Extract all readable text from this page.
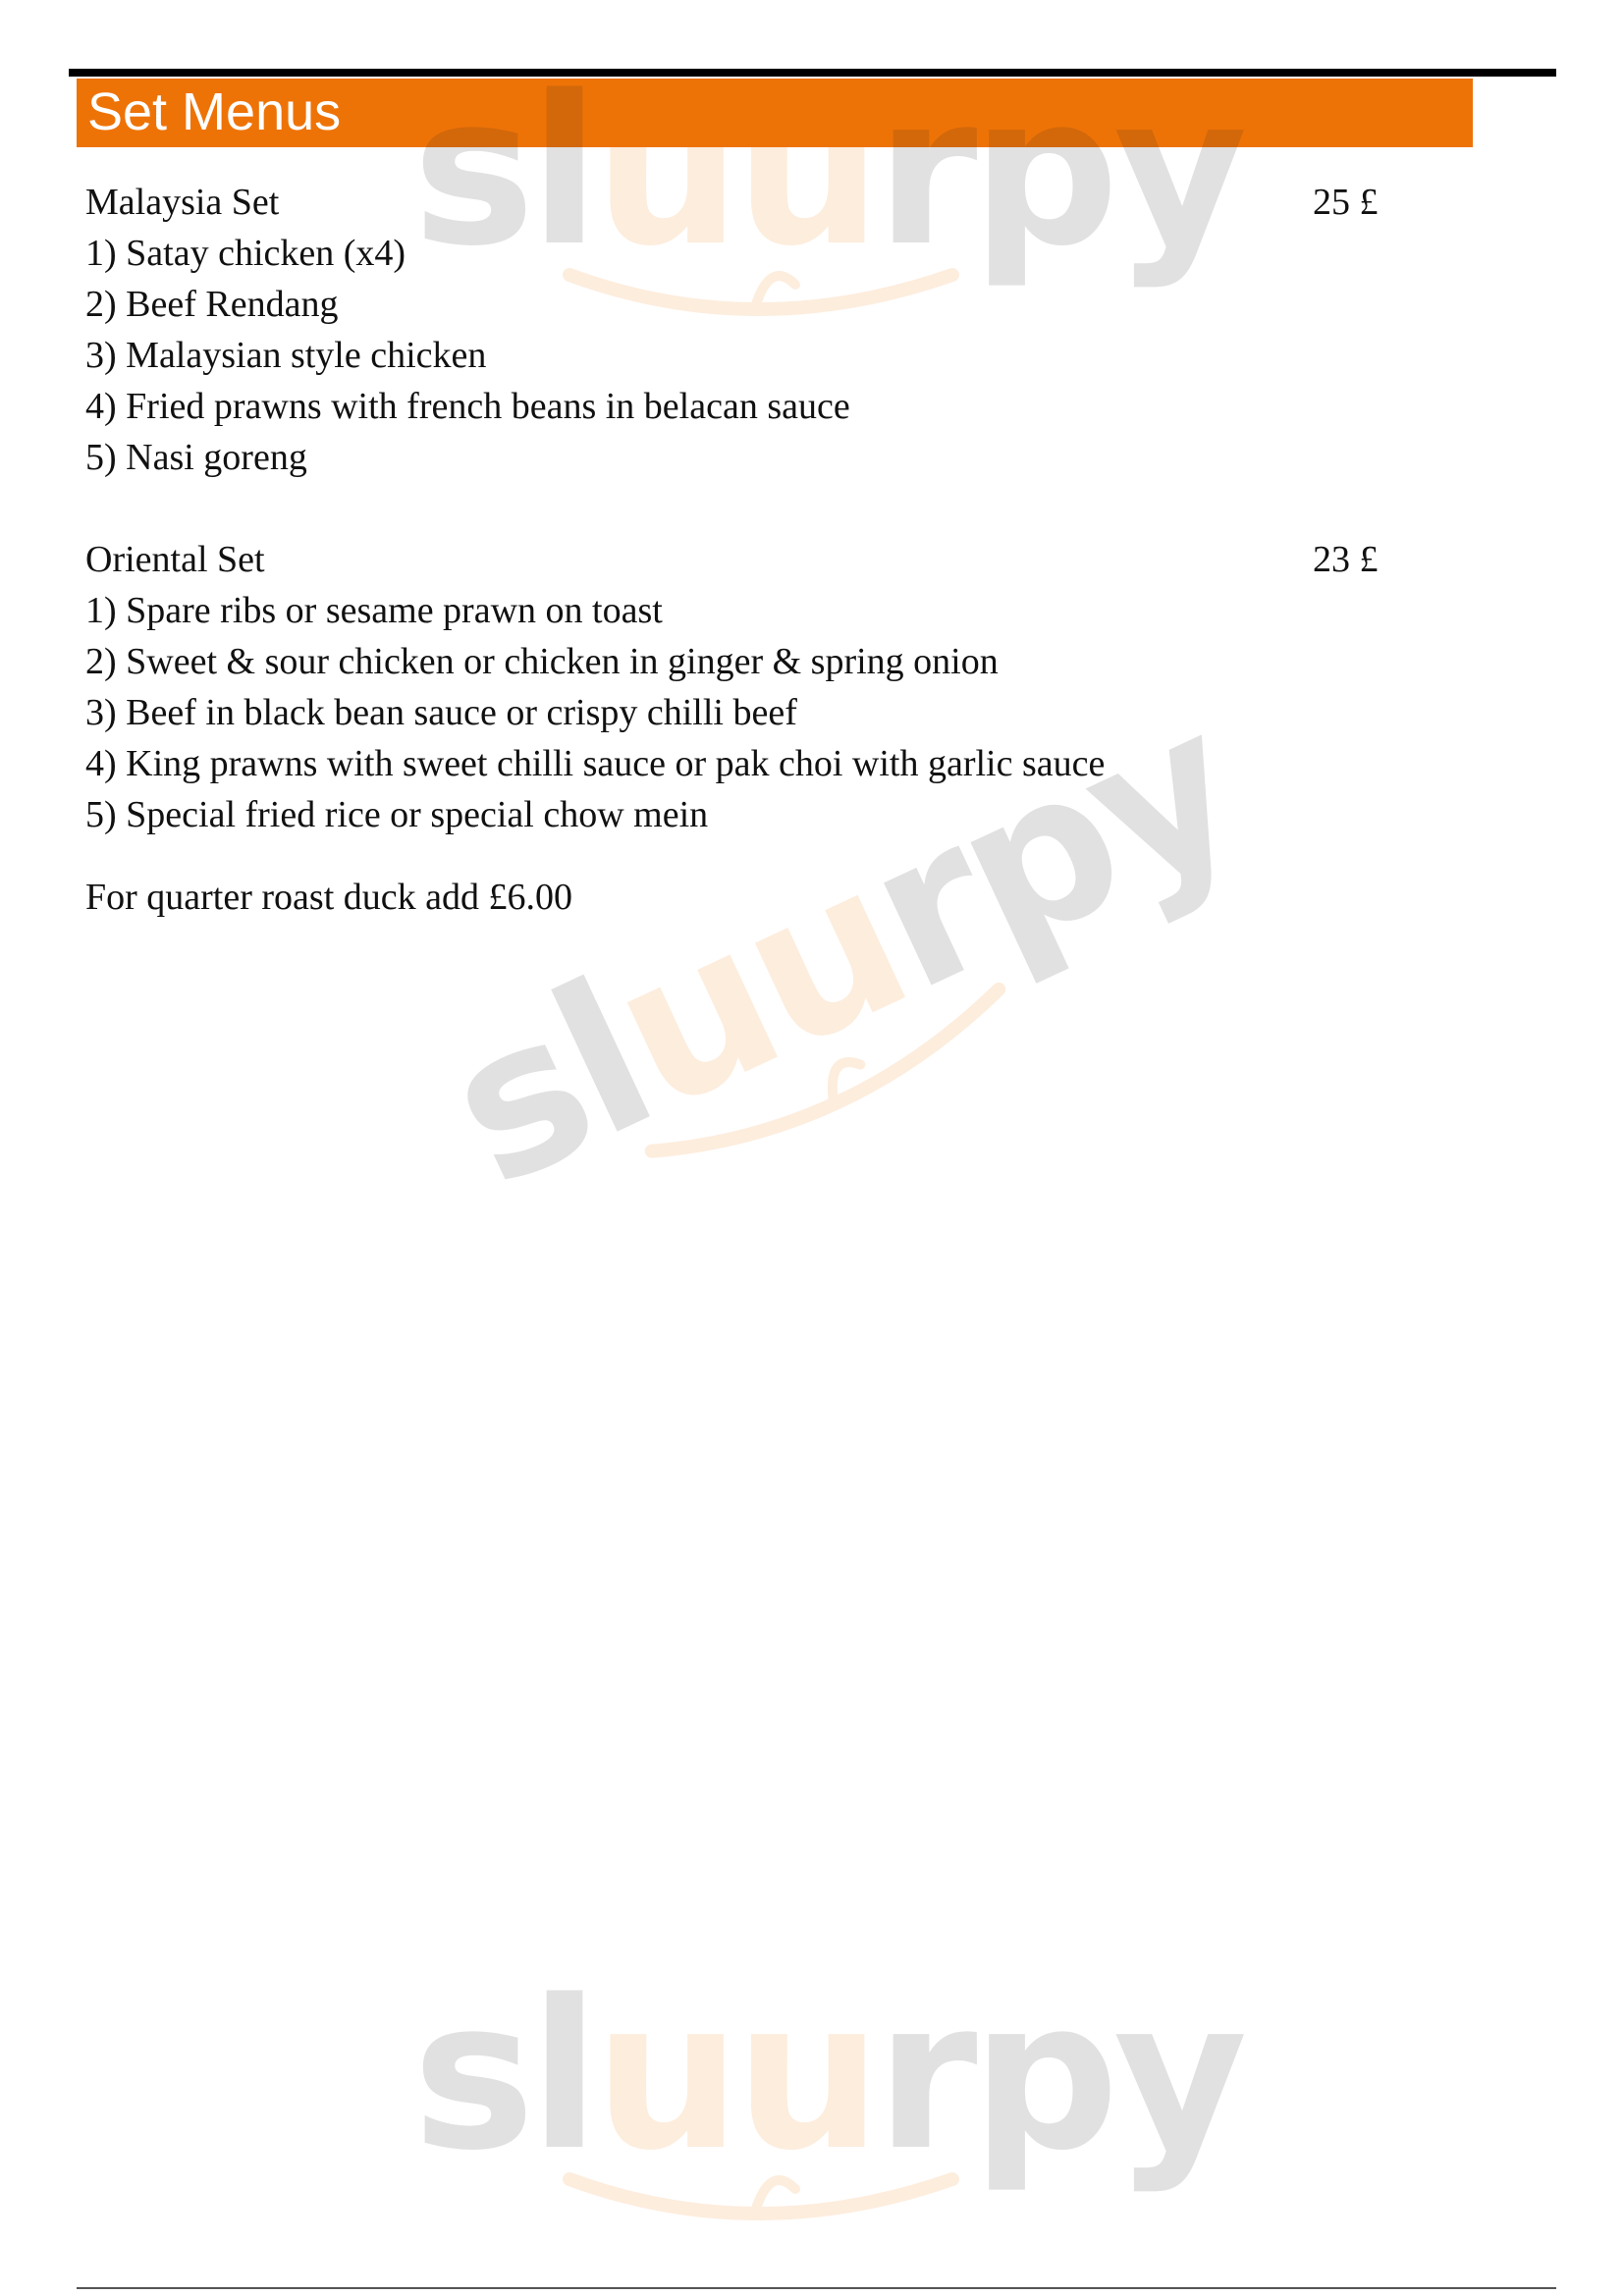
Set Menus
Malaysia Set	25 £
1) Satay chicken (x4)
2) Beef Rendang
3) Malaysian style chicken
4) Fried prawns with french beans in belacan sauce
5) Nasi goreng
Oriental Set	23 £
1) Spare ribs or sesame prawn on toast
2) Sweet & sour chicken or chicken in ginger & spring onion
3) Beef in black bean sauce or crispy chilli beef
4) King prawns with sweet chilli sauce or pak choi with garlic sauce
5) Special fried rice or special chow mein
For quarter roast duck add £6.00
sluurpy
sluurpy
sluurpy
